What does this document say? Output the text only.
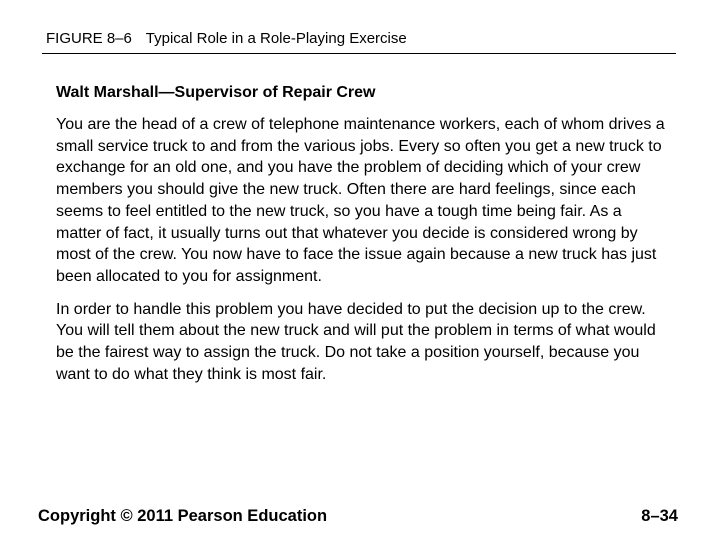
FIGURE 8–6 Typical Role in a Role-Playing Exercise
Walt Marshall—Supervisor of Repair Crew

You are the head of a crew of telephone maintenance workers, each of whom drives a small service truck to and from the various jobs. Every so often you get a new truck to exchange for an old one, and you have the problem of deciding which of your crew members you should give the new truck. Often there are hard feelings, since each seems to feel entitled to the new truck, so you have a tough time being fair. As a matter of fact, it usually turns out that whatever you decide is considered wrong by most of the crew. You now have to face the issue again because a new truck has just been allocated to you for assignment.

In order to handle this problem you have decided to put the decision up to the crew. You will tell them about the new truck and will put the problem in terms of what would be the fairest way to assign the truck. Do not take a position yourself, because you want to do what they think is most fair.

Copyright © 2011 Pearson Education	8–34
